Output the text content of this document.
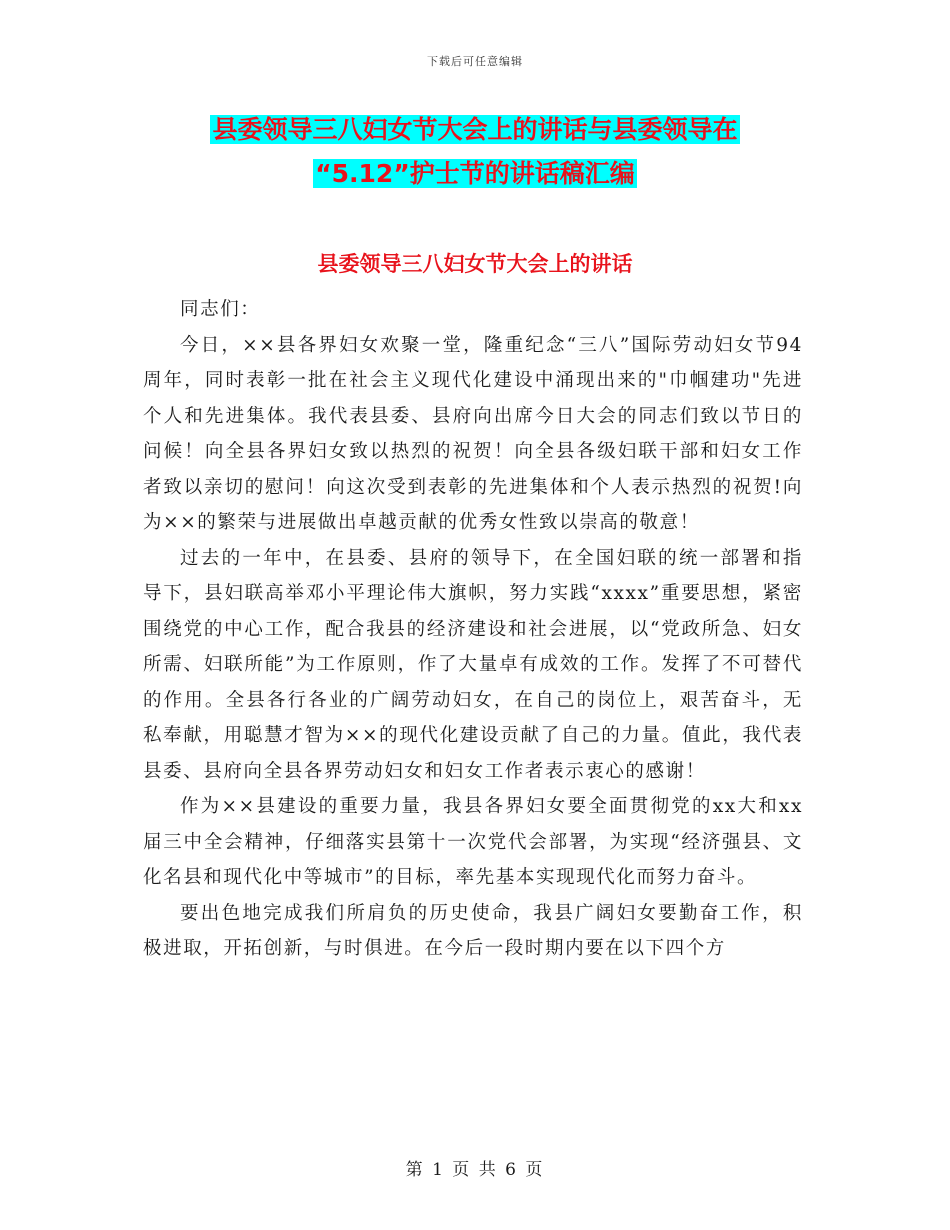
下载后可任意编辑
县委领导三八妇女节大会上的讲话与县委领导在
“5.12”护士节的讲话稿汇编
县委领导三八妇女节大会上的讲话

同志们：

今日，××县各界妇女欢聚一堂，隆重纪念“三八”国际劳动妇女节94周年，同时表彰一批在社会主义现代化建设中涌现出来的"巾帼建功"先进个人和先进集体。我代表县委、县府向出席今日大会的同志们致以节日的问候！向全县各界妇女致以热烈的祝贺！向全县各级妇联干部和妇女工作者致以亲切的慰问！向这次受到表彰的先进集体和个人表示热烈的祝贺!向为××的繁荣与进展做出卓越贡献的优秀女性致以崇高的敬意！

过去的一年中，在县委、县府的领导下，在全国妇联的统一部署和指导下，县妇联高举邓小平理论伟大旗帜，努力实践“xxxx”重要思想，紧密围绕党的中心工作，配合我县的经济建设和社会进展，以“党政所急、妇女所需、妇联所能”为工作原则，作了大量卓有成效的工作。发挥了不可替代的作用。全县各行各业的广阔劳动妇女，在自己的岗位上，艰苦奋斗，无私奉献，用聪慧才智为××的现代化建设贡献了自己的力量。值此，我代表县委、县府向全县各界劳动妇女和妇女工作者表示衷心的感谢！

作为××县建设的重要力量，我县各界妇女要全面贯彻党的xx大和xx届三中全会精神，仔细落实县第十一次党代会部署，为实现“经济强县、文化名县和现代化中等城市”的目标，率先基本实现现代化而努力奋斗。

要出色地完成我们所肩负的历史使命，我县广阔妇女要勤奋工作，积极进取，开拓创新，与时俱进。在今后一段时期内要在以下四个方

第 1 页 共 6 页
